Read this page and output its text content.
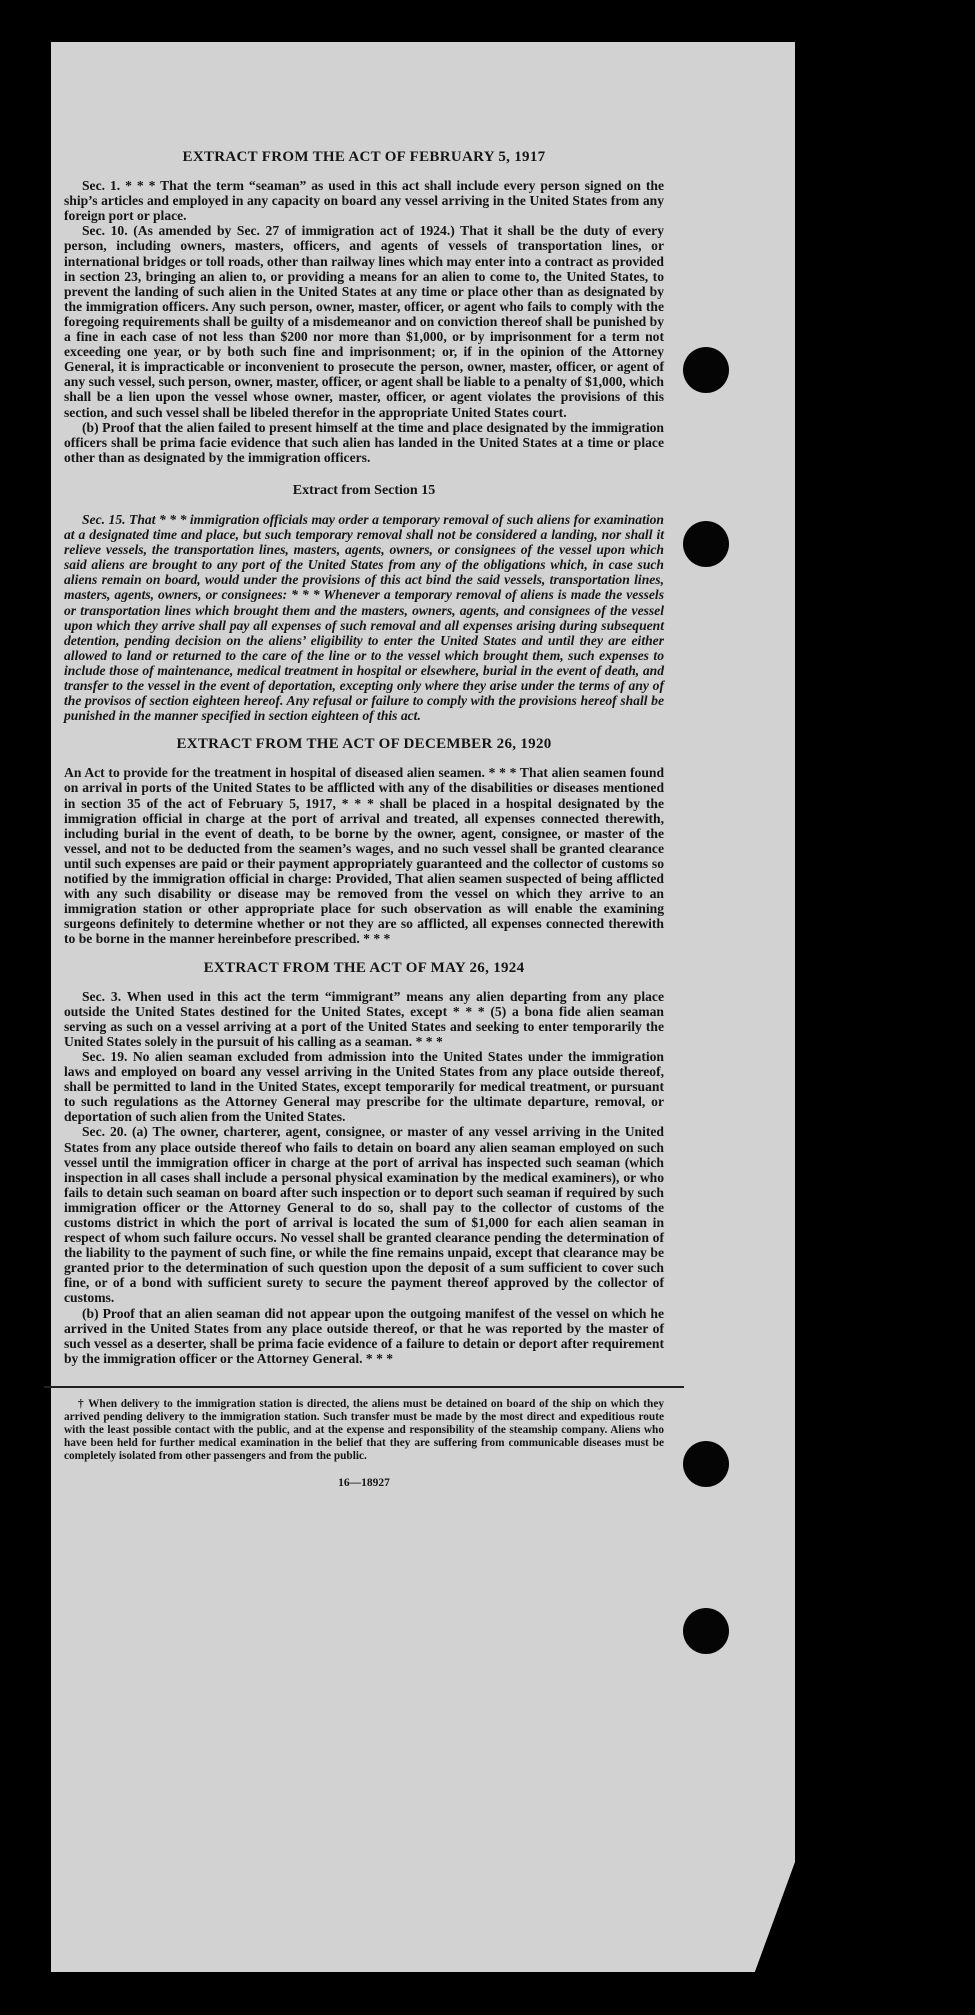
EXTRACT FROM THE ACT OF FEBRUARY 5, 1917

Sec. 1. * * * That the term “seaman” as used in this act shall include every person signed on the ship’s articles and employed in any capacity on board any vessel arriving in the United States from any foreign port or place.

Sec. 10. (As amended by Sec. 27 of immigration act of 1924.) That it shall be the duty of every person, including owners, masters, officers, and agents of vessels of transportation lines, or international bridges or toll roads, other than railway lines which may enter into a contract as provided in section 23, bringing an alien to, or providing a means for an alien to come to, the United States, to prevent the landing of such alien in the United States at any time or place other than as designated by the immigration officers. Any such person, owner, master, officer, or agent who fails to comply with the foregoing requirements shall be guilty of a misdemeanor and on conviction thereof shall be punished by a fine in each case of not less than $200 nor more than $1,000, or by imprisonment for a term not exceeding one year, or by both such fine and imprisonment; or, if in the opinion of the Attorney General, it is impracticable or inconvenient to prosecute the person, owner, master, officer, or agent of any such vessel, such person, owner, master, officer, or agent shall be liable to a penalty of $1,000, which shall be a lien upon the vessel whose owner, master, officer, or agent violates the provisions of this section, and such vessel shall be libeled therefor in the appropriate United States court.

(b) Proof that the alien failed to present himself at the time and place designated by the immigration officers shall be prima facie evidence that such alien has landed in the United States at a time or place other than as designated by the immigration officers.

Extract from Section 15

Sec. 15. That * * * immigration officials may order a temporary removal of such aliens for examination at a designated time and place, but such temporary removal shall not be considered a landing, nor shall it relieve vessels, the transportation lines, masters, agents, owners, or consignees of the vessel upon which said aliens are brought to any port of the United States from any of the obligations which, in case such aliens remain on board, would under the provisions of this act bind the said vessels, transportation lines, masters, agents, owners, or consignees: * * * Whenever a temporary removal of aliens is made the vessels or transportation lines which brought them and the masters, owners, agents, and consignees of the vessel upon which they arrive shall pay all expenses of such removal and all expenses arising during subsequent detention, pending decision on the aliens’ eligibility to enter the United States and until they are either allowed to land or returned to the care of the line or to the vessel which brought them, such expenses to include those of maintenance, medical treatment in hospital or elsewhere, burial in the event of death, and transfer to the vessel in the event of deportation, excepting only where they arise under the terms of any of the provisos of section eighteen hereof. Any refusal or failure to comply with the provisions hereof shall be punished in the manner specified in section eighteen of this act.

EXTRACT FROM THE ACT OF DECEMBER 26, 1920

An Act to provide for the treatment in hospital of diseased alien seamen. * * * That alien seamen found on arrival in ports of the United States to be afflicted with any of the disabilities or diseases mentioned in section 35 of the act of February 5, 1917, * * * shall be placed in a hospital designated by the immigration official in charge at the port of arrival and treated, all expenses connected therewith, including burial in the event of death, to be borne by the owner, agent, consignee, or master of the vessel, and not to be deducted from the seamen’s wages, and no such vessel shall be granted clearance until such expenses are paid or their payment appropriately guaranteed and the collector of customs so notified by the immigration official in charge: Provided, That alien seamen suspected of being afflicted with any such disability or disease may be removed from the vessel on which they arrive to an immigration station or other appropriate place for such observation as will enable the examining surgeons definitely to determine whether or not they are so afflicted, all expenses connected therewith to be borne in the manner hereinbefore prescribed. * * *

EXTRACT FROM THE ACT OF MAY 26, 1924

Sec. 3. When used in this act the term “immigrant” means any alien departing from any place outside the United States destined for the United States, except * * * (5) a bona fide alien seaman serving as such on a vessel arriving at a port of the United States and seeking to enter temporarily the United States solely in the pursuit of his calling as a seaman. * * *

Sec. 19. No alien seaman excluded from admission into the United States under the immigration laws and employed on board any vessel arriving in the United States from any place outside thereof, shall be permitted to land in the United States, except temporarily for medical treatment, or pursuant to such regulations as the Attorney General may prescribe for the ultimate departure, removal, or deportation of such alien from the United States.

Sec. 20. (a) The owner, charterer, agent, consignee, or master of any vessel arriving in the United States from any place outside thereof who fails to detain on board any alien seaman employed on such vessel until the immigration officer in charge at the port of arrival has inspected such seaman (which inspection in all cases shall include a personal physical examination by the medical examiners), or who fails to detain such seaman on board after such inspection or to deport such seaman if required by such immigration officer or the Attorney General to do so, shall pay to the collector of customs of the customs district in which the port of arrival is located the sum of $1,000 for each alien seaman in respect of whom such failure occurs. No vessel shall be granted clearance pending the determination of the liability to the payment of such fine, or while the fine remains unpaid, except that clearance may be granted prior to the determination of such question upon the deposit of a sum sufficient to cover such fine, or of a bond with sufficient surety to secure the payment thereof approved by the collector of customs.

(b) Proof that an alien seaman did not appear upon the outgoing manifest of the vessel on which he arrived in the United States from any place outside thereof, or that he was reported by the master of such vessel as a deserter, shall be prima facie evidence of a failure to detain or deport after requirement by the immigration officer or the Attorney General. * * *

† When delivery to the immigration station is directed, the aliens must be detained on board of the ship on which they arrived pending delivery to the immigration station. Such transfer must be made by the most direct and expeditious route with the least possible contact with the public, and at the expense and responsibility of the steamship company. Aliens who have been held for further medical examination in the belief that they are suffering from communicable diseases must be completely isolated from other passengers and from the public.
16—18927
